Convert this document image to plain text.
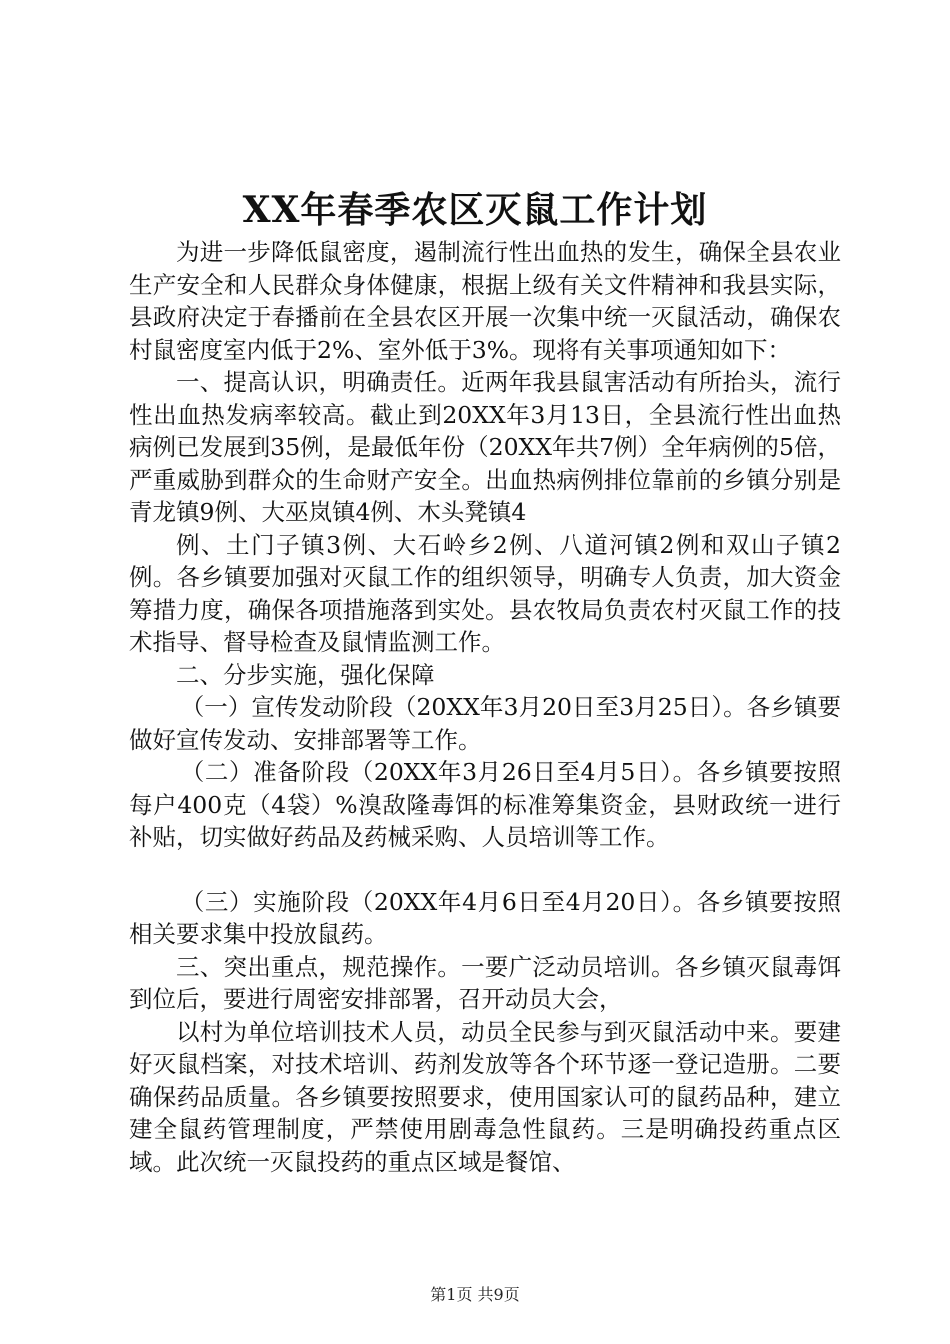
XX年春季农区灭鼠工作计划

为进一步降低鼠密度，遏制流行性出血热的发生，确保全县农业生产安全和人民群众身体健康，根据上级有关文件精神和我县实际，县政府决定于春播前在全县农区开展一次集中统一灭鼠活动，确保农村鼠密度室内低于2%、室外低于3%。现将有关事项通知如下：

一、提高认识，明确责任。近两年我县鼠害活动有所抬头，流行性出血热发病率较高。截止到20XX年3月13日，全县流行性出血热病例已发展到35例，是最低年份（20XX年共7例）全年病例的5倍，严重威胁到群众的生命财产安全。出血热病例排位靠前的乡镇分别是青龙镇9例、大巫岚镇4例、木头凳镇4

例、土门子镇3例、大石岭乡2例、八道河镇2例和双山子镇2例。各乡镇要加强对灭鼠工作的组织领导，明确专人负责，加大资金筹措力度，确保各项措施落到实处。县农牧局负责农村灭鼠工作的技术指导、督导检查及鼠情监测工作。

二、分步实施，强化保障

（一）宣传发动阶段（20XX年3月20日至3月25日）。各乡镇要做好宣传发动、安排部署等工作。

（二）准备阶段（20XX年3月26日至4月5日）。各乡镇要按照每户400克（4袋）%溴敌隆毒饵的标准筹集资金，县财政统一进行补贴，切实做好药品及药械采购、人员培训等工作。

（三）实施阶段（20XX年4月6日至4月20日）。各乡镇要按照相关要求集中投放鼠药。

三、突出重点，规范操作。一要广泛动员培训。各乡镇灭鼠毒饵到位后，要进行周密安排部署，召开动员大会，

以村为单位培训技术人员，动员全民参与到灭鼠活动中来。要建好灭鼠档案，对技术培训、药剂发放等各个环节逐一登记造册。二要确保药品质量。各乡镇要按照要求，使用国家认可的鼠药品种，建立建全鼠药管理制度，严禁使用剧毒急性鼠药。三是明确投药重点区域。此次统一灭鼠投药的重点区域是餐馆、

第1页 共9页
